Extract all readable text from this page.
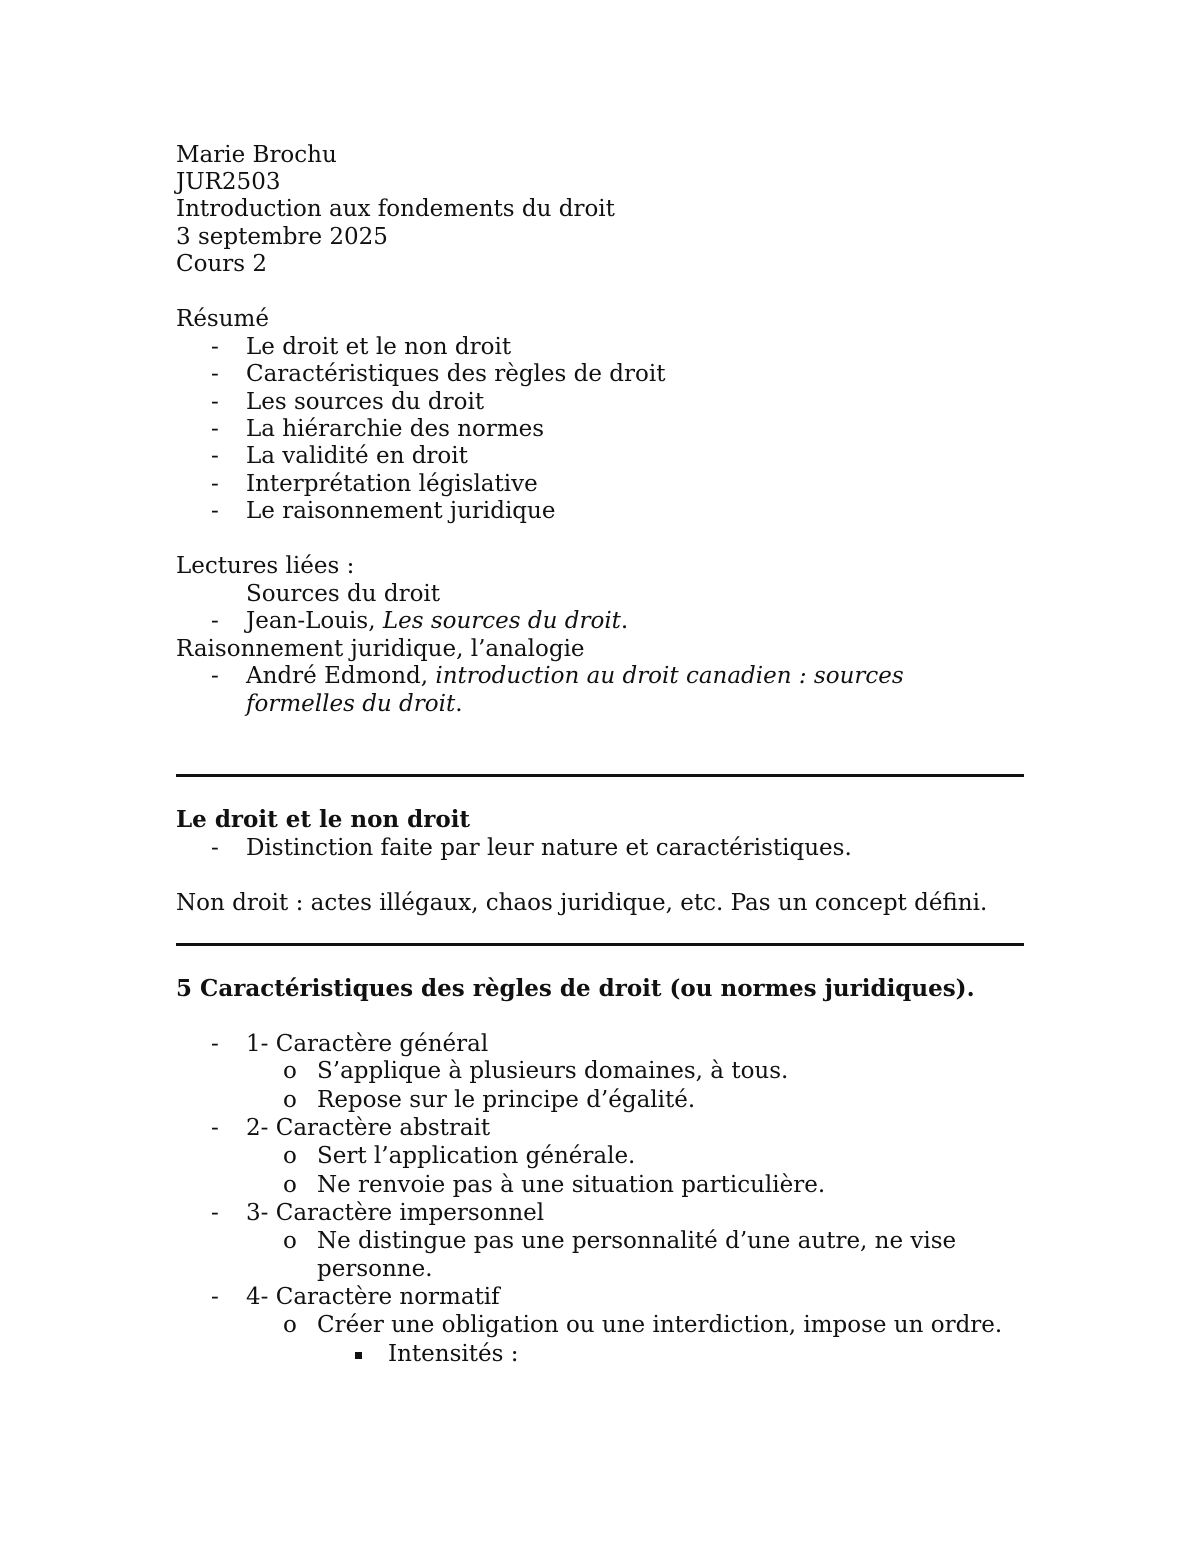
Marie Brochu
JUR2503
Introduction aux fondements du droit
3 septembre 2025
Cours 2
Résumé
- Le droit et le non droit
- Caractéristiques des règles de droit
- Les sources du droit
- La hiérarchie des normes
- La validité en droit
- Interprétation législative
- Le raisonnement juridique
Lectures liées :
Sources du droit
- Jean-Louis, Les sources du droit.
Raisonnement juridique, l’analogie
- André Edmond, introduction au droit canadien : sources
formelles du droit.
Le droit et le non droit
- Distinction faite par leur nature et caractéristiques.
Non droit : actes illégaux, chaos juridique, etc. Pas un concept défini.
5 Caractéristiques des règles de droit (ou normes juridiques).
- 1- Caractère général
o S’applique à plusieurs domaines, à tous.
o Repose sur le principe d’égalité.
- 2- Caractère abstrait
o Sert l’application générale.
o Ne renvoie pas à une situation particulière.
- 3- Caractère impersonnel
o Ne distingue pas une personnalité d’une autre, ne vise
personne.
- 4- Caractère normatif
o Créer une obligation ou une interdiction, impose un ordre.
Intensités :
